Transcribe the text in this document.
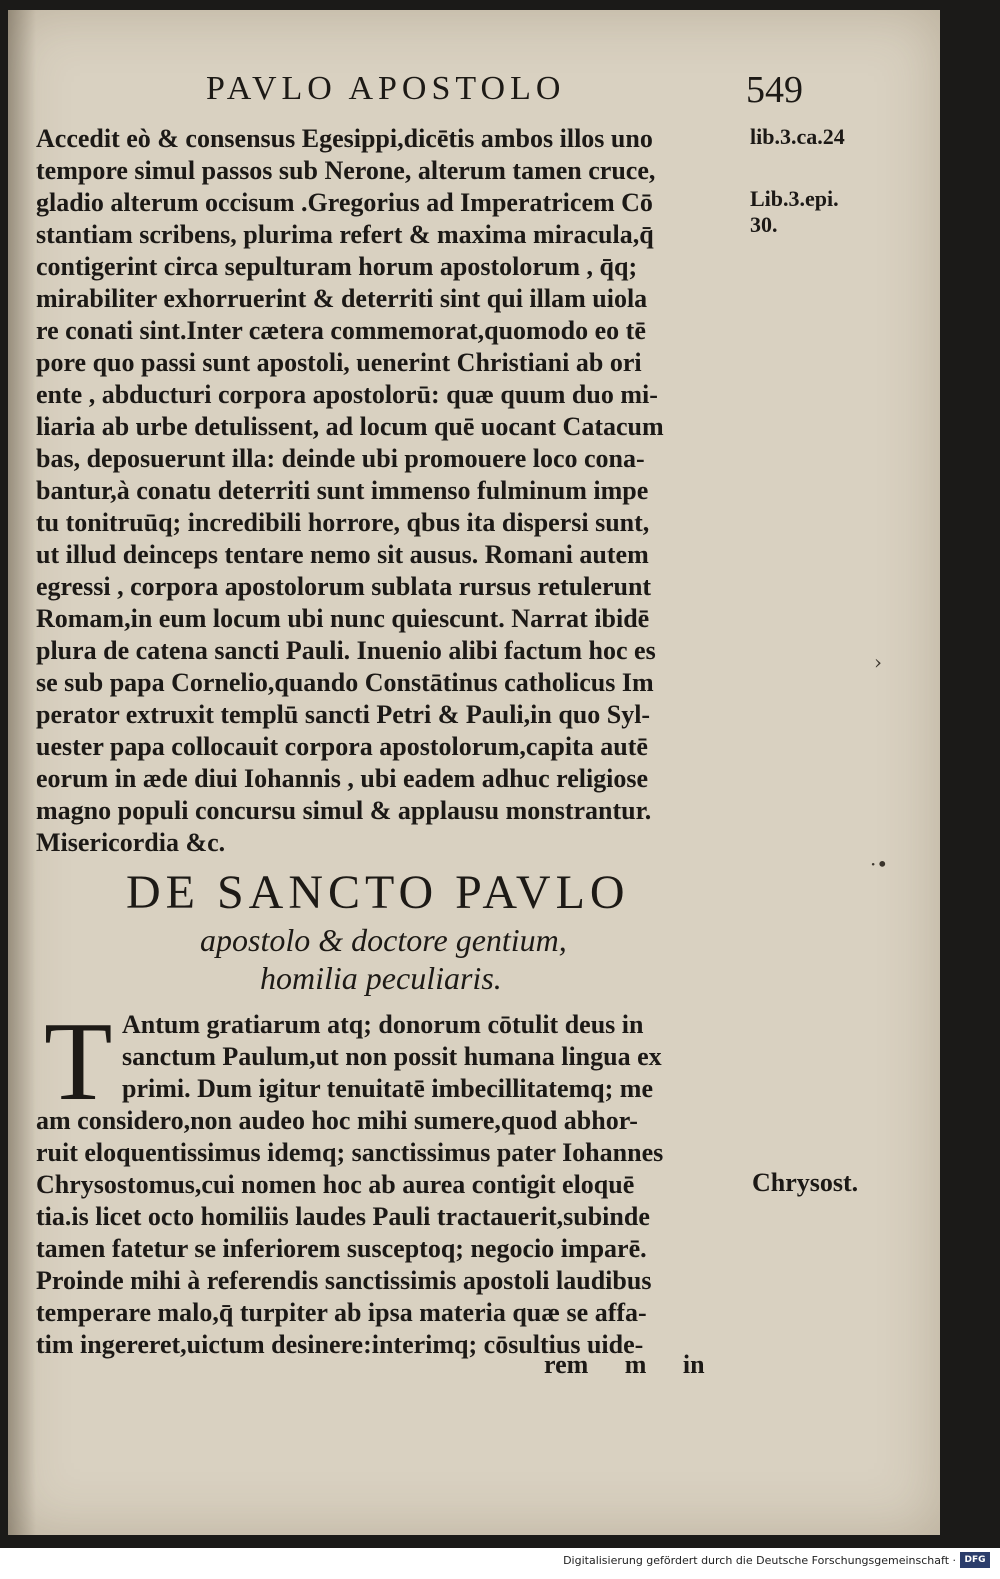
PAVLO APOSTOLO	549
Accedit eò & consensus Egesippi,dicētis ambos illos uno
tempore simul passos sub Nerone, alterum tamen cruce,
gladio alterum occisum .Gregorius ad Imperatricem Cō
stantiam scribens, plurima refert & maxima miracula,q̄
contigerint circa sepulturam horum apostolorum , q̄q;
mirabiliter exhorruerint & deterriti sint qui illam uiola
re conati sint.Inter cætera commemorat,quomodo eo tē
pore quo passi sunt apostoli, uenerint Christiani ab ori
ente , abducturi corpora apostolorū: quæ quum duo mi-
liaria ab urbe detulissent, ad locum quē uocant Catacum
bas, deposuerunt illa: deinde ubi promouere loco cona-
bantur,à conatu deterriti sunt immenso fulminum impe
tu tonitruūq; incredibili horrore, qbus ita dispersi sunt,
ut illud deinceps tentare nemo sit ausus. Romani autem
egressi , corpora apostolorum sublata rursus retulerunt
Romam,in eum locum ubi nunc quiescunt. Narrat ibidē
plura de catena sancti Pauli. Inuenio alibi factum hoc es
se sub papa Cornelio,quando Constātinus catholicus Im
perator extruxit templū sancti Petri & Pauli,in quo Syl-
uester papa collocauit corpora apostolorum,capita autē
eorum in æde diui Iohannis , ubi eadem adhuc religiose
magno populi concursu simul & applausu monstrantur.
Misericordia &c.
lib.3.ca.24
Lib.3.epi.
30.
›
·•
DE SANCTO PAVLO
apostolo & doctore gentium,
homilia peculiaris.
T Antum gratiarum atq; donorum cōtulit deus in
sanctum Paulum,ut non possit humana lingua ex
primi. Dum igitur tenuitatē imbecillitatemq; me
am considero,non audeo hoc mihi sumere,quod abhor-
ruit eloquentissimus idemq; sanctissimus pater Iohannes
Chrysostomus,cui nomen hoc ab aurea contigit eloquē
tia.is licet octo homiliis laudes Pauli tractauerit,subinde
tamen fatetur se inferiorem susceptoq; negocio imparē.
Proinde mihi à referendis sanctissimis apostoli laudibus
temperare malo,q̄ turpiter ab ipsa materia quæ se affa-
tim ingereret,uictum desinere:interimq; cōsultius uide-
Chrysost.
rem m in
Digitalisierung gefördert durch die Deutsche Forschungsgemeinschaft · DFG
